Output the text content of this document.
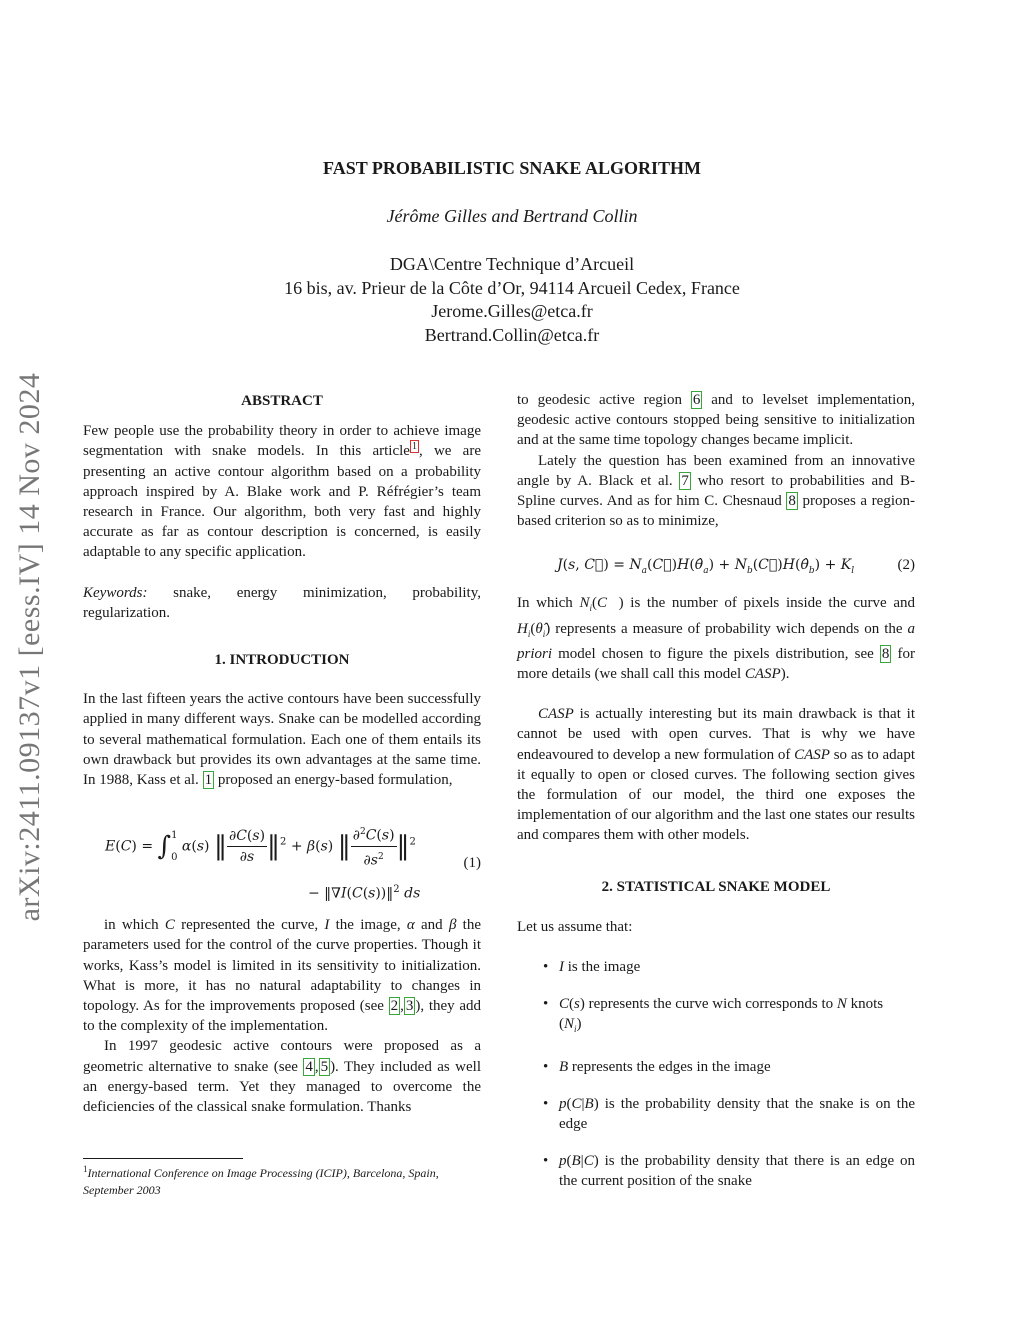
arXiv:2411.09137v1 [eess.IV] 14 Nov 2024
FAST PROBABILISTIC SNAKE ALGORITHM
Jérôme Gilles and Bertrand Collin
DGA\Centre Technique d’Arcueil
16 bis, av. Prieur de la Côte d’Or, 94114 Arcueil Cedex, France
Jerome.Gilles@etca.fr
Bertrand.Collin@etca.fr
ABSTRACT

Few people use the probability theory in order to achieve image segmentation with snake models. In this article $^1$ , we are presenting an active contour algorithm based on a probability approach inspired by A. Blake work and P. Réfrégier’s team research in France. Our algorithm, both very fast and highly accurate as far as contour description is concerned, is easily adaptable to any specific application.

Keywords: snake, energy minimization, probability, regularization.

1. INTRODUCTION

In the last fifteen years the active contours have been successfully applied in many different ways. Snake can be modelled according to several mathematical formulation. Each one of them entails its own drawback but provides its own advantages at the same time. In 1988, Kass et al. 1 proposed an energy-based formulation,

E(C) = ∫ 1
0
α(s) ‖ $\frac{\partial C(s)}{\partial s}$ ‖$^2$ + β(s) ‖ $\frac{\partial^2C(s)}{\partial s^2}$ ‖$^2$
− ‖∇I(C(s))‖$^2$ ds
(1)

in which C represented the curve, I the image, α and β the parameters used for the control of the curve properties. Though it works, Kass’s model is limited in its sensitivity to initialization. What is more, it has no natural adaptability to changes in topology. As for the improvements proposed (see 2 , 3 ), they add to the complexity of the implementation.

In 1997 geodesic active contours were proposed as a geometric alternative to snake (see 4 , 5 ). They included as well an energy-based term. Yet they managed to overcome the deficiencies of the classical snake formulation. Thanks

$^1$International Conference on Image Processing (ICIP), Barcelona, Spain, September 2003

to geodesic active region 6 and to levelset implementation, geodesic active contours stopped being sensitive to initialization and at the same time topology changes became implicit.

Lately the question has been examined from an innovative angle by A. Black et al. 7 who resort to probabilities and B-Spline curves. And as for him C. Chesnaud 8 proposes a region-based criterion so as to minimize,

J(s, C⃗) = $N_a(C⃗)H(\thetâ_a)$ + $N_b(C⃗)H(\thetâ_b) + K_l$	(2)

In which $N_i(C⃗)$ is the number of pixels inside the curve and $H_i(\thetâ_i)$ represents a measure of probability wich depends on the a priori model chosen to figure the pixels distribution, see 8 for more details (we shall call this model CASP).

CASP is actually interesting but its main drawback is that it cannot be used with open curves. That is why we have endeavoured to develop a new formulation of CASP so as to adapt it equally to open or closed curves. The following section gives the formulation of our model, the third one exposes the implementation of our algorithm and the last one states our results and compares them with other models.

2. STATISTICAL SNAKE MODEL

Let us assume that:

• I is the image
• C(s) represents the curve wich corresponds to N knots
$(N_i)$
• B represents the edges in the image
• p(C|B) is the probability density that the snake is on the edge
• p(B|C) is the probability density that there is an edge on the current position of the snake
